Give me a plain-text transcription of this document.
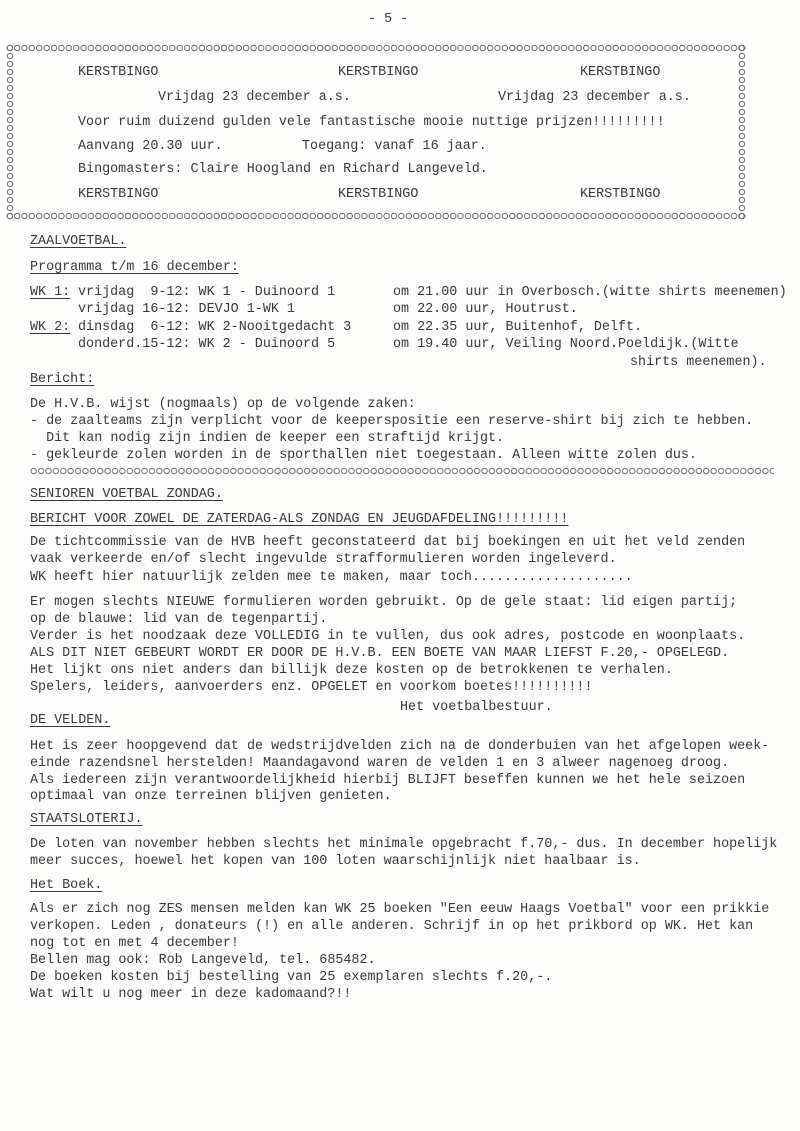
- 5 -
KERSTBINGO	KERSTBINGO	KERSTBINGO
Vrijdag 23 december a.s.	Vrijdag 23 december a.s.
Voor ruim duizend gulden vele fantastische mooie nuttige prijzen!!!!!!!!!
Aanvang 20.30 uur.	Toegang: vanaf 16 jaar.
Bingomasters: Claire Hoogland en Richard Langeveld.
KERSTBINGO	KERSTBINGO	KERSTBINGO
ZAALVOETBAL.
Programma t/m 16 december:
WK 1: vrijdag  9-12: WK 1 - Duinoord 1	om 21.00 uur in Overbosch.(witte shirts meenemen)
vrijdag 16-12: DEVJO 1-WK 1	om 22.00 uur, Houtrust.
WK 2: dinsdag  6-12: WK 2-Nooitgedacht 3	om 22.35 uur, Buitenhof, Delft.
donderd.15-12: WK 2 - Duinoord 5	om 19.40 uur, Veiling Noord.Poeldijk.(Witte
shirts meenemen).
Bericht:
De H.V.B. wijst (nogmaals) op de volgende zaken:
- de zaalteams zijn verplicht voor de keeperspositie een reserve-shirt bij zich te hebben.
Dit kan nodig zijn indien de keeper een straftijd krijgt.
- gekleurde zolen worden in de sporthallen niet toegestaan. Alleen witte zolen dus.
SENIOREN VOETBAL ZONDAG.
BERICHT VOOR ZOWEL DE ZATERDAG-ALS ZONDAG EN JEUGDAFDELING!!!!!!!!!
De tichtcommissie van de HVB heeft geconstateerd dat bij boekingen en uit het veld zenden
vaak verkeerde en/of slecht ingevulde strafformulieren worden ingeleverd.
WK heeft hier natuurlijk zelden mee te maken, maar toch....................
Er mogen slechts NIEUWE formulieren worden gebruikt. Op de gele staat: lid eigen partij;
op de blauwe: lid van de tegenpartij.
Verder is het noodzaak deze VOLLEDIG in te vullen, dus ook adres, postcode en woonplaats.
ALS DIT NIET GEBEURT WORDT ER DOOR DE H.V.B. EEN BOETE VAN MAAR LIEFST F.20,- OPGELEGD.
Het lijkt ons niet anders dan billijk deze kosten op de betrokkenen te verhalen.
Spelers, leiders, aanvoerders enz. OPGELET en voorkom boetes!!!!!!!!!!
Het voetbalbestuur.
DE VELDEN.
Het is zeer hoopgevend dat de wedstrijdvelden zich na de donderbuien van het afgelopen week-
einde razendsnel herstelden! Maandagavond waren de velden 1 en 3 alweer nagenoeg droog.
Als iedereen zijn verantwoordelijkheid hierbij BLIJFT beseffen kunnen we het hele seizoen
optimaal van onze terreinen blijven genieten.
STAATSLOTERIJ.
De loten van november hebben slechts het minimale opgebracht f.70,- dus. In december hopelijk
meer succes, hoewel het kopen van 100 loten waarschijnlijk niet haalbaar is.
Het Boek.
Als er zich nog ZES mensen melden kan WK 25 boeken "Een eeuw Haags Voetbal" voor een prikkie
verkopen. Leden , donateurs (!) en alle anderen. Schrijf in op het prikbord op WK. Het kan
nog tot en met 4 december!
Bellen mag ook: Rob Langeveld, tel. 685482.
De boeken kosten bij bestelling van 25 exemplaren slechts f.20,-.
Wat wilt u nog meer in deze kadomaand?!!
